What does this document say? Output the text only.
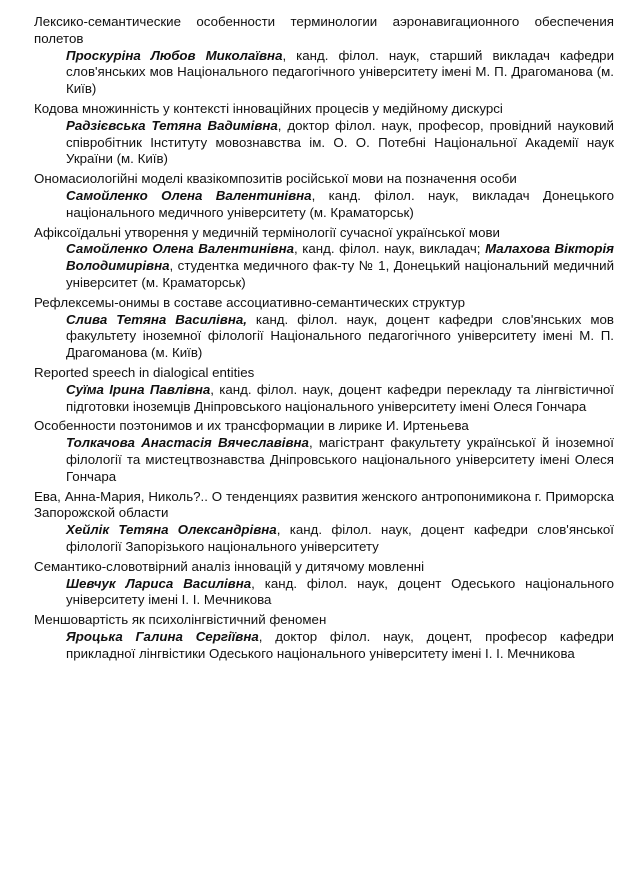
Лексико-семантические особенности терминологии аэронавигационного обеспечения полетов
Проскуріна Любов Миколаївна, канд. філол. наук, старший викладач кафедри слов'янських мов Національного педагогічного університету імені М. П. Драгоманова (м. Київ)
Кодова множинність у контексті інноваційних процесів у медійному дискурсі
Радзієвська Тетяна Вадимівна, доктор філол. наук, професор, провідний науковий співробітник Інституту мовознавства ім. О. О. Потебні Національної Академії наук України (м. Київ)
Ономасиологійні моделі квазікомпозитів російської мови на позначення особи
Самойленко Олена Валентинівна, канд. філол. наук, викладач Донецького національного медичного університету (м. Краматорськ)
Афіксоїдальні утворення у медичній термінології сучасної української мови
Самойленко Олена Валентинівна, канд. філол. наук, викладач; Малахова Вікторія Володимирівна, студентка медичного фак-ту № 1, Донецький національний медичний університет (м. Краматорськ)
Рефлексемы-онимы в составе ассоциативно-семантических структур
Слива Тетяна Василівна, канд. філол. наук, доцент кафедри слов'янських мов факультету іноземної філології Національного педагогічного університету імені М. П. Драгоманова (м. Київ)
Reported speech in dialogical entities
Суїма Ірина Павлівна, канд. філол. наук, доцент кафедри перекладу та лінгвістичної підготовки іноземців Дніпровського національного університету імені Олеся Гончара
Особенности поэтонимов и их трансформации в лирике И. Иртеньева
Толкачова Анастасія Вячеславівна, магістрант факультету української й іноземної філології та мистецтвознавства Дніпровського національного університету імені Олеся Гончара
Ева, Анна-Мария, Николь?.. О тенденциях развития женского антропонимикона г. Приморска Запорожской области
Хейлік Тетяна Олександрівна, канд. філол. наук, доцент кафедри слов'янської філології Запорізького національного університету
Семантико-словотвірний аналіз інновацій у дитячому мовленні
Шевчук Лариса Василівна, канд. філол. наук, доцент Одеського національного університету імені І. І. Мечникова
Меншовартість як психолінгвістичний феномен
Яроцька Галина Сергіївна, доктор філол. наук, доцент, професор кафедри прикладної лінгвістики Одеського національного університету імені І. І. Мечникова
